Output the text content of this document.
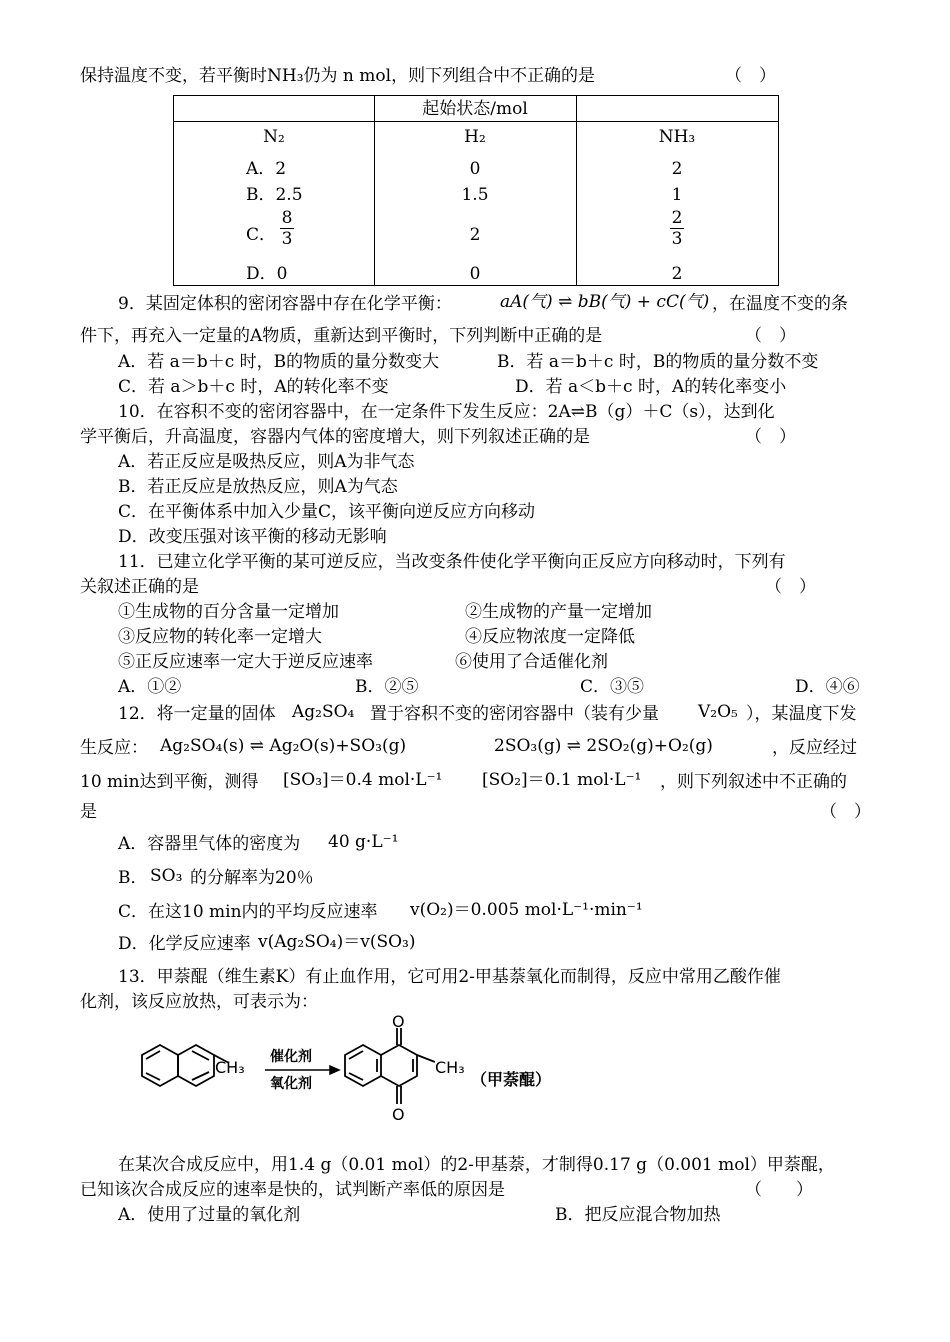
保持温度不变，若平衡时NH₃仍为 n mol，则下列组合中不正确的是	（　）
起始状态/mol
N₂	H₂	NH₃
A．2	0	2
B．2.5	1.5	1
C． $\frac{8}{3}$	2	$\frac{2}{3}$
D．0	0	2
9．某固定体积的密闭容器中存在化学平衡：	aA(气) ⇌ bB(气) + cC(气) ，在温度不变的条
件下，再充入一定量的A物质，重新达到平衡时，下列判断中正确的是	（　）
A．若 a＝b＋c 时，B的物质的量分数变大	B．若 a＝b＋c 时，B的物质的量分数不变
C．若 a＞b＋c 时，A的转化率不变	D．若 a＜b＋c 时，A的转化率变小
10．在容积不变的密闭容器中，在一定条件下发生反应：2A⇌B（g）＋C（s），达到化
学平衡后，升高温度，容器内气体的密度增大，则下列叙述正确的是	（　）
A．若正反应是吸热反应，则A为非气态
B．若正反应是放热反应，则A为气态
C．在平衡体系中加入少量C，该平衡向逆反应方向移动
D．改变压强对该平衡的移动无影响
11．已建立化学平衡的某可逆反应，当改变条件使化学平衡向正反应方向移动时，下列有
关叙述正确的是	（　）
①生成物的百分含量一定增加	②生成物的产量一定增加
③反应物的转化率一定增大	④反应物浓度一定降低
⑤正反应速率一定大于逆反应速率	⑥使用了合适催化剂
A．①②	B．②⑤	C．③⑤	D．④⑥
12．将一定量的固体 Ag₂SO₄ 置于容积不变的密闭容器中（装有少量 V₂O₅ ），某温度下发
生反应： Ag₂SO₄(s) ⇌ Ag₂O(s)+SO₃(g)	2SO₃(g) ⇌ 2SO₂(g)+O₂(g)	，反应经过
10 min达到平衡，测得 [SO₃]＝0.4 mol·L⁻¹ [SO₂]＝0.1 mol·L⁻¹ ，则下列叙述中不正确的
是	（　）
A．容器里气体的密度为 40 g·L⁻¹
B． SO₃ 的分解率为20％
C．在这10 min内的平均反应速率 v(O₂)＝0.005 mol·L⁻¹·min⁻¹
D．化学反应速率 v(Ag₂SO₄)＝v(SO₃)
13．甲萘醌（维生素K）有止血作用，它可用2-甲基萘氧化而制得，反应中常用乙酸作催
化剂，该反应放热，可表示为：
CH₃
催化剂
氧化剂
O
O
CH₃
（甲萘醌）
在某次合成反应中，用1.4 g（0.01 mol）的2-甲基萘，才制得0.17 g（0.001 mol）甲萘醌，
已知该次合成反应的速率是快的，试判断产率低的原因是	（　　）
A．使用了过量的氧化剂	B．把反应混合物加热
